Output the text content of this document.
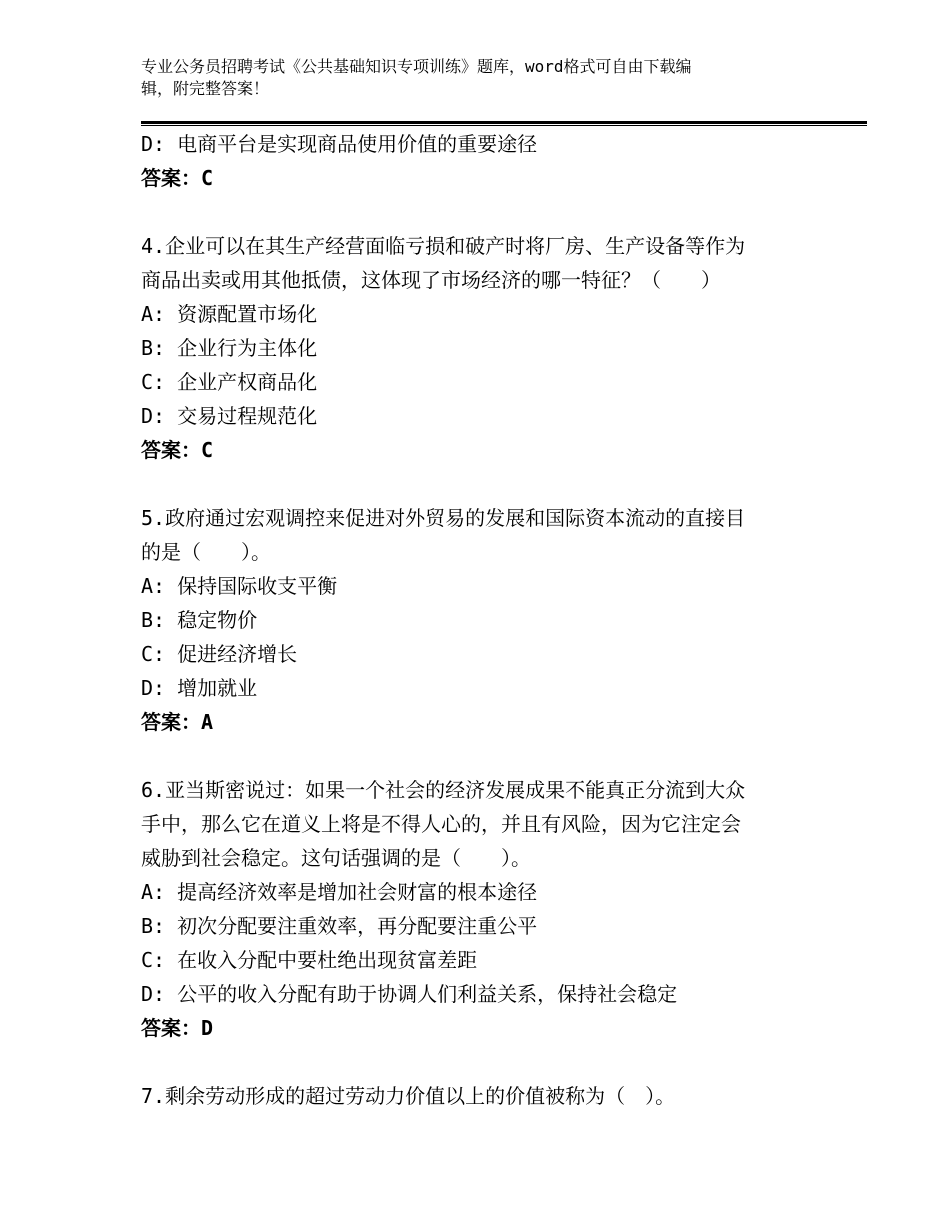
专业公务员招聘考试《公共基础知识专项训练》题库，word格式可自由下载编
辑，附完整答案！
D: 电商平台是实现商品使用价值的重要途径
答案：C
4.企业可以在其生产经营面临亏损和破产时将厂房、生产设备等作为
商品出卖或用其他抵债，这体现了市场经济的哪一特征？（　　）
A: 资源配置市场化
B: 企业行为主体化
C: 企业产权商品化
D: 交易过程规范化
答案：C
5.政府通过宏观调控来促进对外贸易的发展和国际资本流动的直接目
的是（　　）。
A: 保持国际收支平衡
B: 稳定物价
C: 促进经济增长
D: 增加就业
答案：A
6.亚当斯密说过：如果一个社会的经济发展成果不能真正分流到大众
手中，那么它在道义上将是不得人心的，并且有风险，因为它注定会
威胁到社会稳定。这句话强调的是（　　）。
A: 提高经济效率是增加社会财富的根本途径
B: 初次分配要注重效率，再分配要注重公平
C: 在收入分配中要杜绝出现贫富差距
D: 公平的收入分配有助于协调人们利益关系，保持社会稳定
答案：D
7.剩余劳动形成的超过劳动力价值以上的价值被称为（　）。
